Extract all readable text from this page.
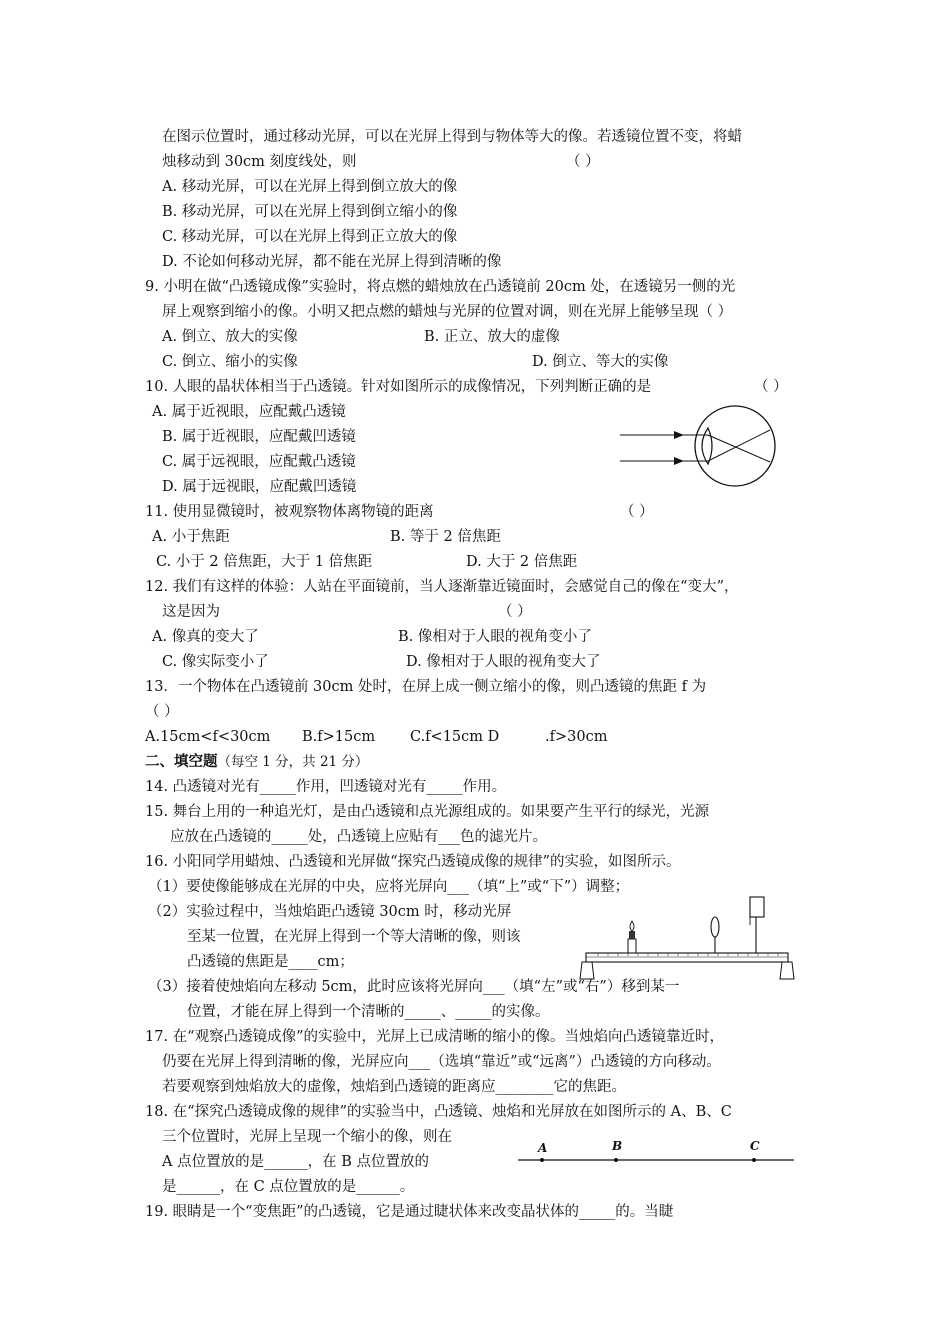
在图示位置时，通过移动光屏，可以在光屏上得到与物体等大的像。若透镜位置不变，将蜡
烛移动到 30cm 刻度线处，则	（ ）
A. 移动光屏，可以在光屏上得到倒立放大的像
B. 移动光屏，可以在光屏上得到倒立缩小的像
C. 移动光屏，可以在光屏上得到正立放大的像
D. 不论如何移动光屏，都不能在光屏上得到清晰的像
9. 小明在做“凸透镜成像”实验时，将点燃的蜡烛放在凸透镜前 20cm 处，在透镜另一侧的光
屏上观察到缩小的像。小明又把点燃的蜡烛与光屏的位置对调，则在光屏上能够呈现（ ）
A. 倒立、放大的实像	B. 正立、放大的虚像
C. 倒立、缩小的实像	D. 倒立、等大的实像
10. 人眼的晶状体相当于凸透镜。针对如图所示的成像情况，下列判断正确的是	（ ）
A. 属于近视眼，应配戴凸透镜
B. 属于近视眼，应配戴凹透镜
C. 属于远视眼，应配戴凸透镜
D. 属于远视眼，应配戴凹透镜
11. 使用显微镜时，被观察物体离物镜的距离	（ ）
A. 小于焦距	B. 等于 2 倍焦距
C. 小于 2 倍焦距，大于 1 倍焦距	D. 大于 2 倍焦距
12. 我们有这样的体验：人站在平面镜前，当人逐渐靠近镜面时，会感觉自己的像在“变大”，
这是因为	（ ）
A. 像真的变大了	B. 像相对于人眼的视角变小了
C. 像实际变小了	D. 像相对于人眼的视角变大了
13．一个物体在凸透镜前 30cm 处时，在屏上成一侧立缩小的像，则凸透镜的焦距 f 为
（ ）
A.15cm<f<30cm B.f>15cm C.f<15cm D	.f>30cm
二、填空题（每空 1 分，共 21 分）
14. 凸透镜对光有_____作用，凹透镜对光有_____作用。
15. 舞台上用的一种追光灯，是由凸透镜和点光源组成的。如果要产生平行的绿光，光源
应放在凸透镜的_____处，凸透镜上应贴有___色的滤光片。
16. 小阳同学用蜡烛、凸透镜和光屏做“探究凸透镜成像的规律”的实验，如图所示。
（1）要使像能够成在光屏的中央，应将光屏向___（填“上”或“下”）调整；
（2）实验过程中，当烛焰距凸透镜 30cm 时，移动光屏
至某一位置，在光屏上得到一个等大清晰的像，则该
凸透镜的焦距是____cm；
（3）接着使烛焰向左移动 5cm，此时应该将光屏向___（填“左”或“右”）移到某一
位置，才能在屏上得到一个清晰的_____、_____的实像。
17. 在“观察凸透镜成像”的实验中，光屏上已成清晰的缩小的像。当烛焰向凸透镜靠近时，
仍要在光屏上得到清晰的像，光屏应向___（选填“靠近”或“远离”）凸透镜的方向移动。
若要观察到烛焰放大的虚像，烛焰到凸透镜的距离应________它的焦距。
18. 在“探究凸透镜成像的规律”的实验当中，凸透镜、烛焰和光屏放在如图所示的 A、B、C
三个位置时，光屏上呈现一个缩小的像，则在
A 点位置放的是______，在 B 点位置放的
是______，在 C 点位置放的是______。
A	B	C
19. 眼睛是一个“变焦距”的凸透镜，它是通过睫状体来改变晶状体的_____的。当睫
